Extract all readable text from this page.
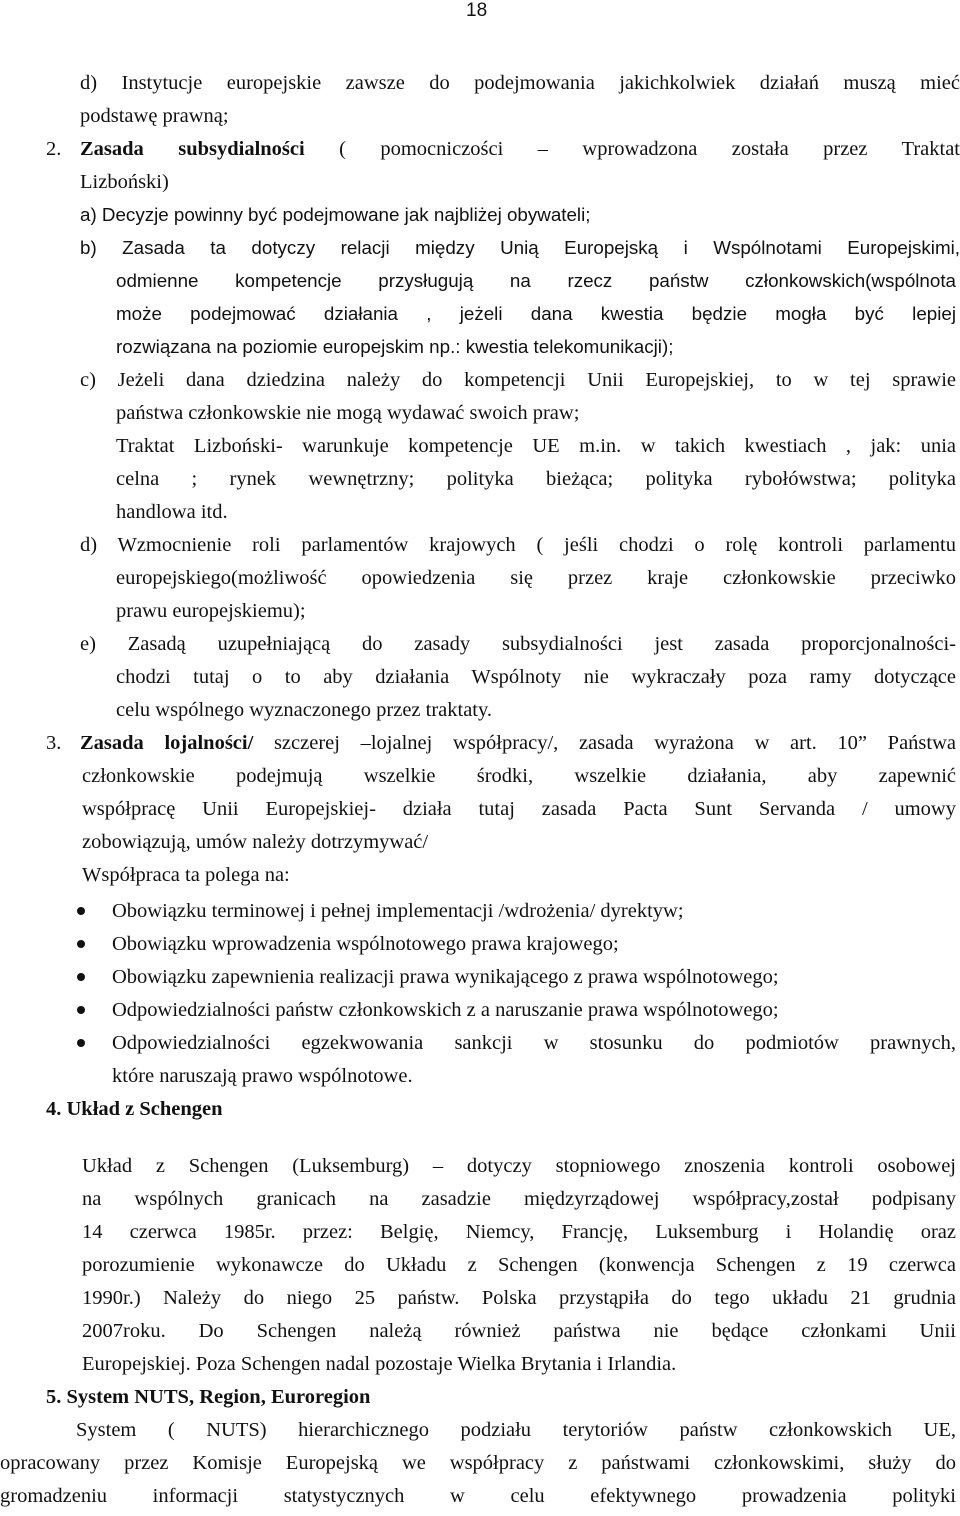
18
d) Instytucje europejskie zawsze do podejmowania jakichkolwiek działań muszą mieć
podstawę prawną;
2. Zasada subsydialności ( pomocniczości – wprowadzona została przez Traktat
Lizboński)
a) Decyzje powinny być podejmowane jak najbliżej obywateli;
b) Zasada ta dotyczy relacji między Unią Europejską i Wspólnotami Europejskimi,
odmienne kompetencje przysługują na rzecz państw członkowskich(wspólnota
może podejmować działania , jeżeli dana kwestia będzie mogła być lepiej
rozwiązana na poziomie europejskim np.: kwestia telekomunikacji);
c) Jeżeli dana dziedzina należy do kompetencji Unii Europejskiej, to w tej sprawie
państwa członkowskie nie mogą wydawać swoich praw;
Traktat Lizboński- warunkuje kompetencje UE m.in. w takich kwestiach , jak: unia
celna ; rynek wewnętrzny; polityka bieżąca; polityka rybołówstwa; polityka
handlowa itd.
d) Wzmocnienie roli parlamentów krajowych ( jeśli chodzi o rolę kontroli parlamentu
europejskiego(możliwość opowiedzenia się przez kraje członkowskie przeciwko
prawu europejskiemu);
e) Zasadą uzupełniającą do zasady subsydialności jest zasada proporcjonalności-
chodzi tutaj o to aby działania Wspólnoty nie wykraczały poza ramy dotyczące
celu wspólnego wyznaczonego przez traktaty.
3. Zasada lojalności/ szczerej –lojalnej współpracy/, zasada wyrażona w art. 10” Państwa
członkowskie podejmują wszelkie środki, wszelkie działania, aby zapewnić
współpracę Unii Europejskiej- działa tutaj zasada Pacta Sunt Servanda / umowy
zobowiązują, umów należy dotrzymywać/
Współpraca ta polega na:
Obowiązku terminowej i pełnej implementacji /wdrożenia/ dyrektyw;
Obowiązku wprowadzenia wspólnotowego prawa krajowego;
Obowiązku zapewnienia realizacji prawa wynikającego z prawa wspólnotowego;
Odpowiedzialności państw członkowskich z a naruszanie prawa wspólnotowego;
Odpowiedzialności egzekwowania sankcji w stosunku do podmiotów prawnych,
które naruszają prawo wspólnotowe.
4. Układ z Schengen
Układ z Schengen (Luksemburg) – dotyczy stopniowego znoszenia kontroli osobowej
na wspólnych granicach na zasadzie międzyrządowej współpracy,został podpisany
14 czerwca 1985r. przez: Belgię, Niemcy, Francję, Luksemburg i Holandię oraz
porozumienie wykonawcze do Układu z Schengen (konwencja Schengen z 19 czerwca
1990r.) Należy do niego 25 państw. Polska przystąpiła do tego układu 21 grudnia
2007roku. Do Schengen należą również państwa nie będące członkami Unii
Europejskiej. Poza Schengen nadal pozostaje Wielka Brytania i Irlandia.
5. System NUTS, Region, Euroregion
System ( NUTS) hierarchicznego podziału terytoriów państw członkowskich UE,
opracowany przez Komisje Europejską we współpracy z państwami członkowskimi, służy do
gromadzeniu informacji statystycznych w celu efektywnego prowadzenia polityki
